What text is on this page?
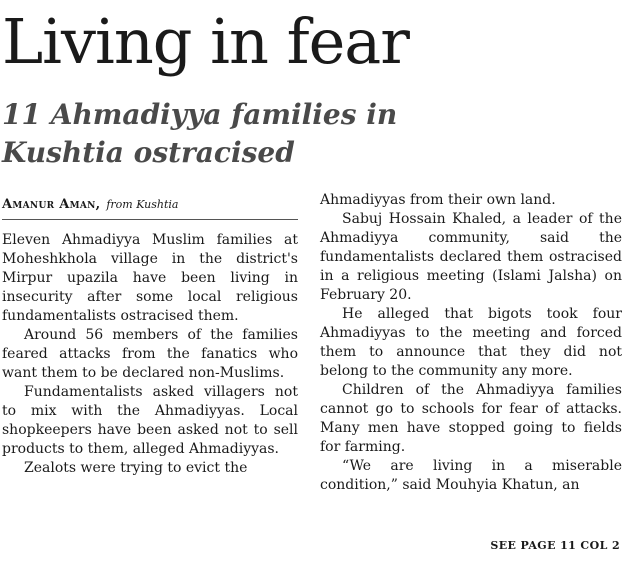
Living in fear
11 Ahmadiyya families in Kushtia ostracised
Amanur Aman, from Kushtia

Eleven Ahmadiyya Muslim families at Moheshkhola village in the district's Mirpur upazila have been living in insecurity after some local religious fundamentalists ostracised them.

Around 56 members of the families feared attacks from the fanatics who want them to be declared non-Muslims.

Fundamentalists asked villagers not to mix with the Ahmadiyyas. Local shopkeepers have been asked not to sell products to them, alleged Ahmadiyyas.

Zealots were trying to evict the

Ahmadiyyas from their own land.

Sabuj Hossain Khaled, a leader of the Ahmadiyya community, said the fundamentalists declared them ostracised in a religious meeting (Islami Jalsha) on February 20.

He alleged that bigots took four Ahmadiyyas to the meeting and forced them to announce that they did not belong to the community any more.

Children of the Ahmadiyya families cannot go to schools for fear of attacks. Many men have stopped going to fields for farming.

“We are living in a miserable condition,” said Mouhyia Khatun, an

SEE PAGE 11 COL 2
